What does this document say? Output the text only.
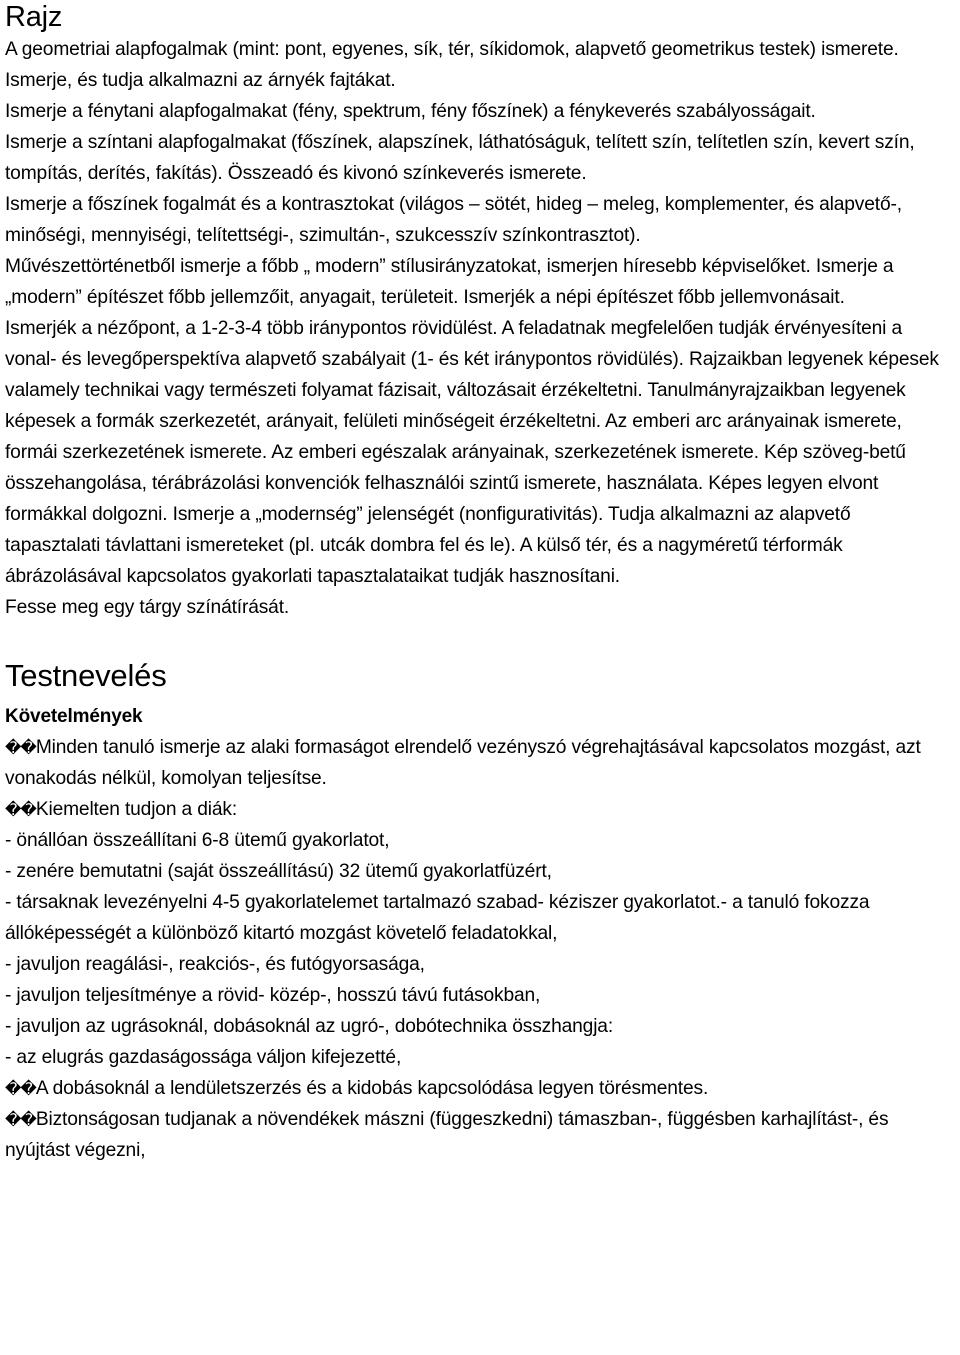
Rajz

A geometriai alapfogalmak (mint: pont, egyenes, sík, tér, síkidomok, alapvető geometrikus testek) ismerete.

Ismerje, és tudja alkalmazni az árnyék fajtákat.

Ismerje a fénytani alapfogalmakat (fény, spektrum, fény főszínek) a fénykeverés szabályosságait.

Ismerje a színtani alapfogalmakat (főszínek, alapszínek, láthatóságuk, telített szín, telítetlen szín, kevert szín, tompítás, derítés, fakítás). Összeadó és kivonó színkeverés ismerete.

Ismerje a főszínek fogalmát és a kontrasztokat (világos – sötét, hideg – meleg, komplementer, és alapvető-, minőségi, mennyiségi, telítettségi-, szimultán-, szukcesszív színkontrasztot).

Művészettörténetből ismerje a főbb „ modern” stílusirányzatokat, ismerjen híresebb képviselőket. Ismerje a „modern” építészet főbb jellemzőit, anyagait, területeit. Ismerjék a népi építészet főbb jellemvonásait.

Ismerjék a nézőpont, a 1-2-3-4 több iránypontos rövidülést. A feladatnak megfelelően tudják érvényesíteni a vonal- és levegőperspektíva alapvető szabályait (1- és két iránypontos rövidülés). Rajzaikban legyenek képesek valamely technikai vagy természeti folyamat fázisait, változásait érzékeltetni. Tanulmányrajzaikban legyenek képesek a formák szerkezetét, arányait, felületi minőségeit érzékeltetni. Az emberi arc arányainak ismerete, formái szerkezetének ismerete. Az emberi egészalak arányainak, szerkezetének ismerete. Kép szöveg-betű összehangolása, térábrázolási konvenciók felhasználói szintű ismerete, használata. Képes legyen elvont formákkal dolgozni. Ismerje a „modernség” jelenségét (nonfigurativitás). Tudja alkalmazni az alapvető tapasztalati távlattani ismereteket (pl. utcák dombra fel és le). A külső tér, és a nagyméretű térformák ábrázolásával kapcsolatos gyakorlati tapasztalataikat tudják hasznosítani.

Fesse meg egy tárgy színátírását.

Testnevelés

Követelmények

��Minden tanuló ismerje az alaki formaságot elrendelő vezényszó végrehajtásával kapcsolatos mozgást, azt vonakodás nélkül, komolyan teljesítse.

��Kiemelten tudjon a diák:

- önállóan összeállítani 6-8 ütemű gyakorlatot,

- zenére bemutatni (saját összeállítású) 32 ütemű gyakorlatfüzért,

- társaknak levezényelni 4-5 gyakorlatelemet tartalmazó szabad- kéziszer gyakorlatot.- a tanuló fokozza állóképességét a különböző kitartó mozgást követelő feladatokkal,

- javuljon reagálási-, reakciós-, és futógyorsasága,

- javuljon teljesítménye a rövid- közép-, hosszú távú futásokban,

- javuljon az ugrásoknál, dobásoknál az ugró-, dobótechnika összhangja:

- az elugrás gazdaságossága váljon kifejezetté,

��A dobásoknál a lendületszerzés és a kidobás kapcsolódása legyen törésmentes.

��Biztonságosan tudjanak a növendékek mászni (függeszkedni) támaszban-, függésben karhajlítást-, és nyújtást végezni,
